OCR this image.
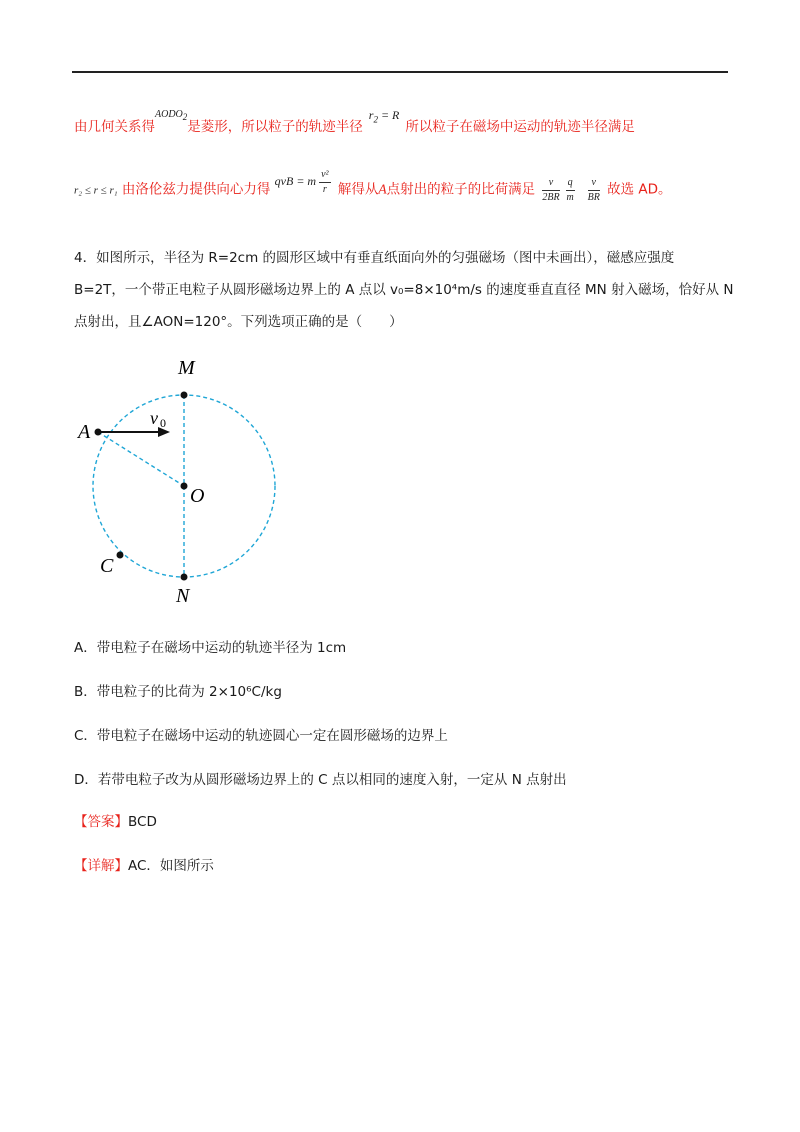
由几何关系得$^{AODO_2}$是菱形，所以粒子的轨迹半径$r_2 = R$所以粒子在磁场中运动的轨迹半径满足
r₂ ≤ r ≤ r₁ 由洛伦兹力提供向心力得 qvB = m $\frac{\text{v²}}{r}$ 解得从A点射出的粒子的比荷满足 $\frac{v}{2BR} \frac{q}{m} \frac{v}{BR}$ 故选 AD。
4．如图所示，半径为 R=2cm 的圆形区域中有垂直纸面向外的匀强磁场（图中未画出），磁感应强度
B=2T，一个带正电粒子从圆形磁场边界上的 A 点以 v₀=8×10⁴m/s 的速度垂直直径 MN 射入磁场，恰好从 N
点射出，且∠AON=120°。下列选项正确的是（　　）
M
A
O
C
N
v 0
A．带电粒子在磁场中运动的轨迹半径为 1cm
B．带电粒子的比荷为 2×10⁶C/kg
C．带电粒子在磁场中运动的轨迹圆心一定在圆形磁场的边界上
D．若带电粒子改为从圆形磁场边界上的 C 点以相同的速度入射，一定从 N 点射出
【答案】BCD
【详解】AC．如图所示
